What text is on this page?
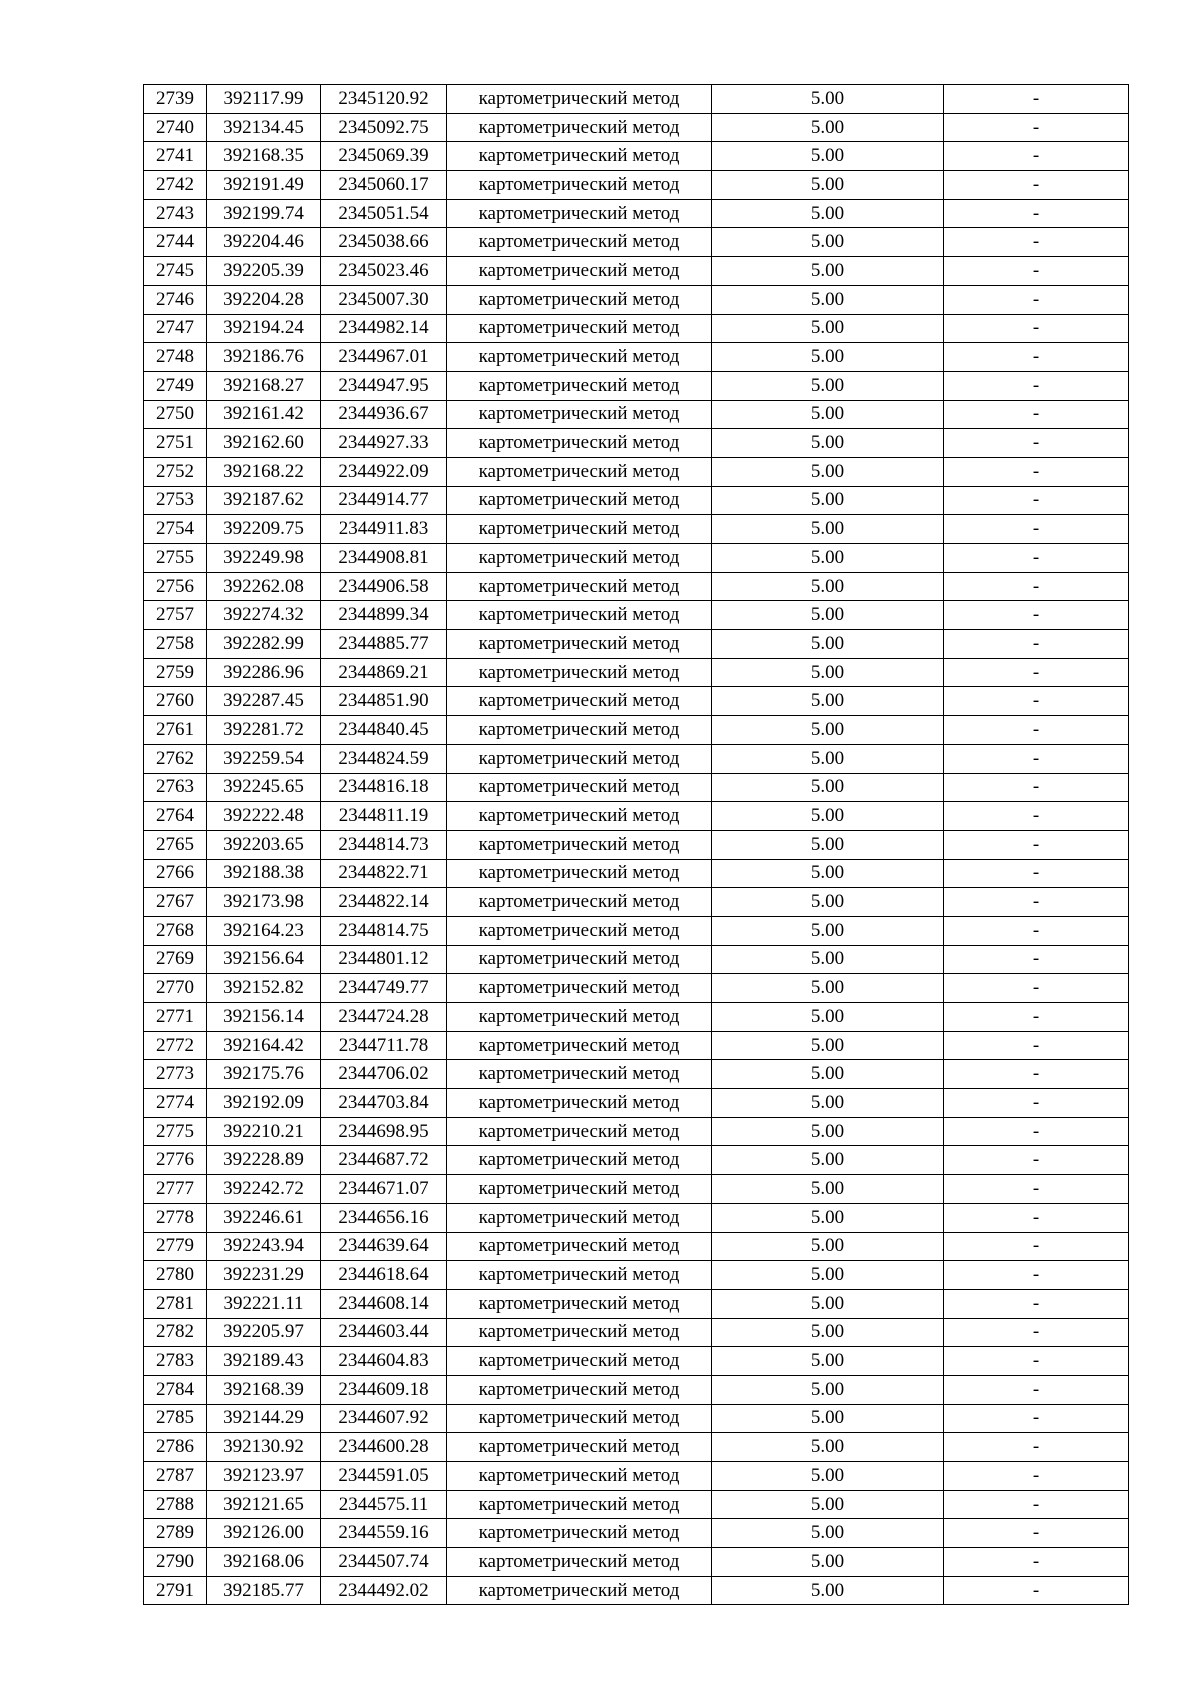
2739	392117.99	2345120.92	картометрический метод	5.00	-
2740	392134.45	2345092.75	картометрический метод	5.00	-
2741	392168.35	2345069.39	картометрический метод	5.00	-
2742	392191.49	2345060.17	картометрический метод	5.00	-
2743	392199.74	2345051.54	картометрический метод	5.00	-
2744	392204.46	2345038.66	картометрический метод	5.00	-
2745	392205.39	2345023.46	картометрический метод	5.00	-
2746	392204.28	2345007.30	картометрический метод	5.00	-
2747	392194.24	2344982.14	картометрический метод	5.00	-
2748	392186.76	2344967.01	картометрический метод	5.00	-
2749	392168.27	2344947.95	картометрический метод	5.00	-
2750	392161.42	2344936.67	картометрический метод	5.00	-
2751	392162.60	2344927.33	картометрический метод	5.00	-
2752	392168.22	2344922.09	картометрический метод	5.00	-
2753	392187.62	2344914.77	картометрический метод	5.00	-
2754	392209.75	2344911.83	картометрический метод	5.00	-
2755	392249.98	2344908.81	картометрический метод	5.00	-
2756	392262.08	2344906.58	картометрический метод	5.00	-
2757	392274.32	2344899.34	картометрический метод	5.00	-
2758	392282.99	2344885.77	картометрический метод	5.00	-
2759	392286.96	2344869.21	картометрический метод	5.00	-
2760	392287.45	2344851.90	картометрический метод	5.00	-
2761	392281.72	2344840.45	картометрический метод	5.00	-
2762	392259.54	2344824.59	картометрический метод	5.00	-
2763	392245.65	2344816.18	картометрический метод	5.00	-
2764	392222.48	2344811.19	картометрический метод	5.00	-
2765	392203.65	2344814.73	картометрический метод	5.00	-
2766	392188.38	2344822.71	картометрический метод	5.00	-
2767	392173.98	2344822.14	картометрический метод	5.00	-
2768	392164.23	2344814.75	картометрический метод	5.00	-
2769	392156.64	2344801.12	картометрический метод	5.00	-
2770	392152.82	2344749.77	картометрический метод	5.00	-
2771	392156.14	2344724.28	картометрический метод	5.00	-
2772	392164.42	2344711.78	картометрический метод	5.00	-
2773	392175.76	2344706.02	картометрический метод	5.00	-
2774	392192.09	2344703.84	картометрический метод	5.00	-
2775	392210.21	2344698.95	картометрический метод	5.00	-
2776	392228.89	2344687.72	картометрический метод	5.00	-
2777	392242.72	2344671.07	картометрический метод	5.00	-
2778	392246.61	2344656.16	картометрический метод	5.00	-
2779	392243.94	2344639.64	картометрический метод	5.00	-
2780	392231.29	2344618.64	картометрический метод	5.00	-
2781	392221.11	2344608.14	картометрический метод	5.00	-
2782	392205.97	2344603.44	картометрический метод	5.00	-
2783	392189.43	2344604.83	картометрический метод	5.00	-
2784	392168.39	2344609.18	картометрический метод	5.00	-
2785	392144.29	2344607.92	картометрический метод	5.00	-
2786	392130.92	2344600.28	картометрический метод	5.00	-
2787	392123.97	2344591.05	картометрический метод	5.00	-
2788	392121.65	2344575.11	картометрический метод	5.00	-
2789	392126.00	2344559.16	картометрический метод	5.00	-
2790	392168.06	2344507.74	картометрический метод	5.00	-
2791	392185.77	2344492.02	картометрический метод	5.00	-
